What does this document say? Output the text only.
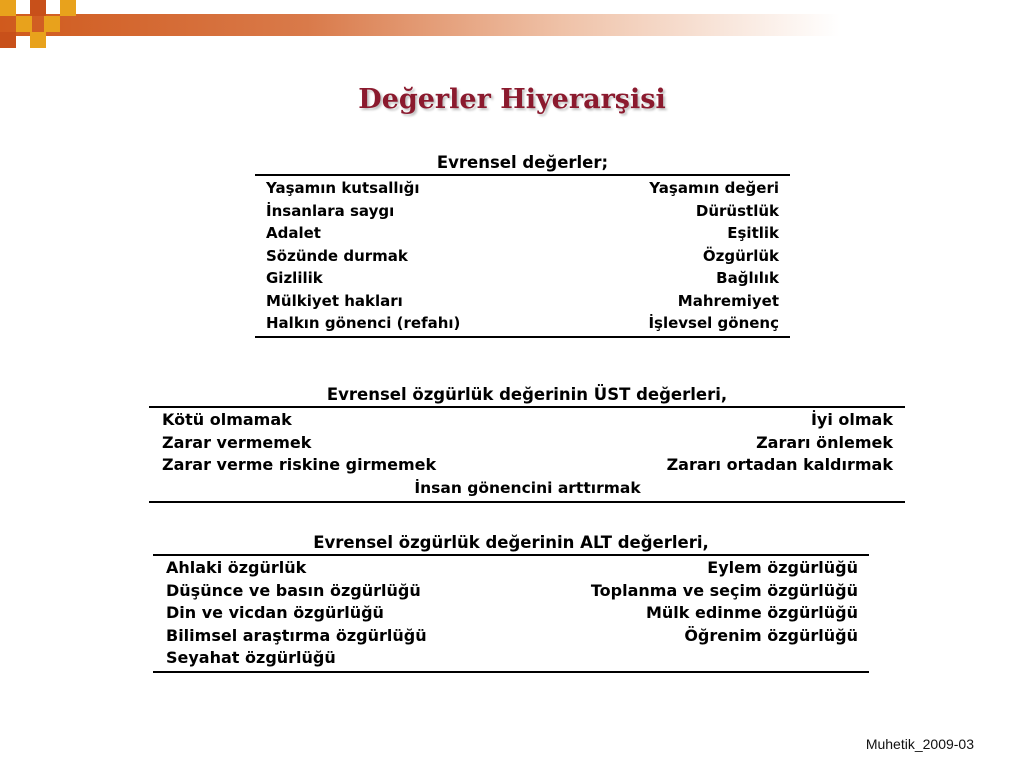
Değerler Hiyerarşisi
Evrensel değerler;
Yaşamın kutsallığı	Yaşamın değeri
İnsanlara saygı	Dürüstlük
Adalet	Eşitlik
Sözünde durmak	Özgürlük
Gizlilik	Bağlılık
Mülkiyet hakları	Mahremiyet
Halkın gönenci (refahı)	İşlevsel gönenç
Evrensel özgürlük değerinin ÜST değerleri,
Kötü olmamak	İyi olmak
Zarar vermemek	Zararı önlemek
Zarar verme riskine girmemek	Zararı ortadan kaldırmak
İnsan gönencini arttırmak
Evrensel özgürlük değerinin ALT değerleri,
Ahlaki özgürlük	Eylem özgürlüğü
Düşünce ve basın özgürlüğü	Toplanma ve seçim özgürlüğü
Din ve vicdan özgürlüğü	Mülk edinme özgürlüğü
Bilimsel araştırma özgürlüğü	Öğrenim özgürlüğü
Seyahat özgürlüğü
Muhetik_2009-03
